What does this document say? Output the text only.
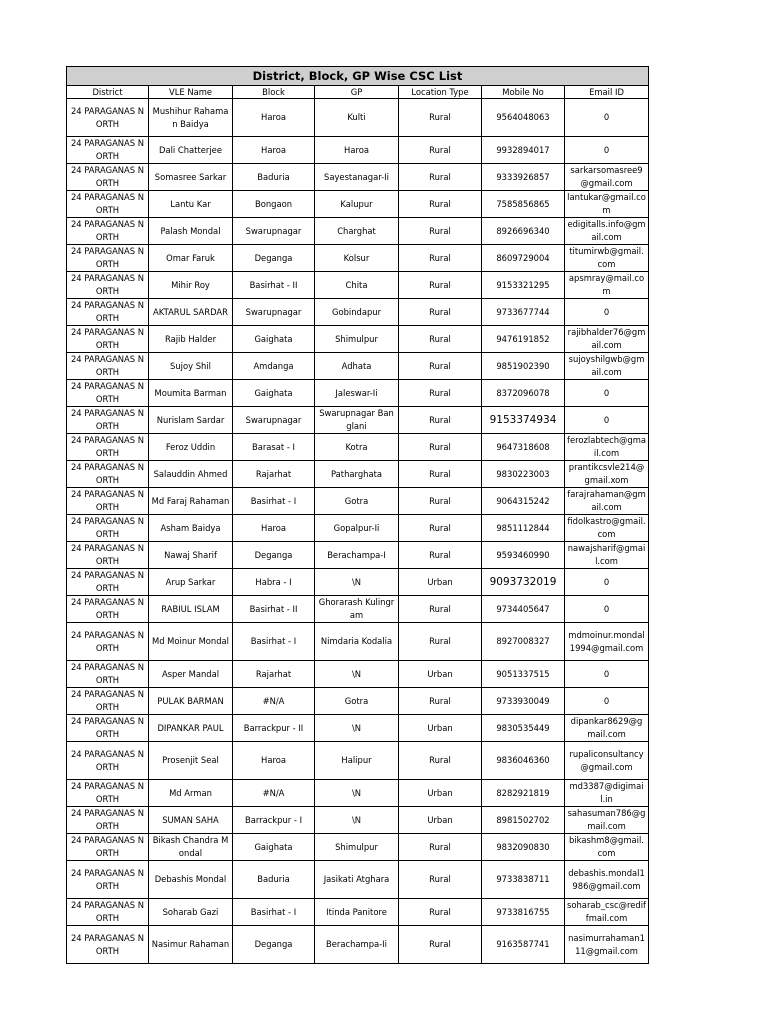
District, Block, GP Wise CSC List						
District	VLE Name	Block	GP	Location Type	Mobile No	Email ID
24 PARAGANAS NORTH	Mushihur Rahaman Baidya	Haroa	Kulti	Rural	9564048063	0
24 PARAGANAS NORTH	Dali Chatterjee	Haroa	Haroa	Rural	9932894017	0
24 PARAGANAS NORTH	Somasree Sarkar	Baduria	Sayestanagar-Ii	Rural	9333926857	sarkarsomasree9@gmail.com
24 PARAGANAS NORTH	Lantu Kar	Bongaon	Kalupur	Rural	7585856865	lantukar@gmail.com
24 PARAGANAS NORTH	Palash Mondal	Swarupnagar	Charghat	Rural	8926696340	edigitalls.info@gmail.com
24 PARAGANAS NORTH	Omar Faruk	Deganga	Kolsur	Rural	8609729004	titumirwb@gmail.com
24 PARAGANAS NORTH	Mihir Roy	Basirhat - II	Chita	Rural	9153321295	apsmray@mail.com
24 PARAGANAS NORTH	AKTARUL SARDAR	Swarupnagar	Gobindapur	Rural	9733677744	0
24 PARAGANAS NORTH	Rajib Halder	Gaighata	Shimulpur	Rural	9476191852	rajibhalder76@gmail.com
24 PARAGANAS NORTH	Sujoy Shil	Amdanga	Adhata	Rural	9851902390	sujoyshilgwb@gmail.com
24 PARAGANAS NORTH	Moumita Barman	Gaighata	Jaleswar-Ii	Rural	8372096078	0
24 PARAGANAS NORTH	Nurislam Sardar	Swarupnagar	Swarupnagar Banglani	Rural	9153374934	0
24 PARAGANAS NORTH	Feroz Uddin	Barasat - I	Kotra	Rural	9647318608	ferozlabtech@gmail.com
24 PARAGANAS NORTH	Salauddin Ahmed	Rajarhat	Patharghata	Rural	9830223003	prantikcsvle214@gmail.xom
24 PARAGANAS NORTH	Md Faraj Rahaman	Basirhat - I	Gotra	Rural	9064315242	farajrahaman@gmail.com
24 PARAGANAS NORTH	Asham Baidya	Haroa	Gopalpur-Ii	Rural	9851112844	fidolkastro@gmail.com
24 PARAGANAS NORTH	Nawaj Sharif	Deganga	Berachampa-I	Rural	9593460990	nawajsharif@gmail.com
24 PARAGANAS NORTH	Arup Sarkar	Habra - I	\N	Urban	9093732019	0
24 PARAGANAS NORTH	RABIUL ISLAM	Basirhat - II	Ghorarash Kulingram	Rural	9734405647	0
24 PARAGANAS NORTH	Md Moinur Mondal	Basirhat - I	Nimdaria Kodalia	Rural	8927008327	mdmoinur.mondal1994@gmail.com
24 PARAGANAS NORTH	Asper Mandal	Rajarhat	\N	Urban	9051337515	0
24 PARAGANAS NORTH	PULAK BARMAN	#N/A	Gotra	Rural	9733930049	0
24 PARAGANAS NORTH	DIPANKAR PAUL	Barrackpur - II	\N	Urban	9830535449	dipankar8629@gmail.com
24 PARAGANAS NORTH	Prosenjit Seal	Haroa	Halipur	Rural	9836046360	rupaliconsultancy@gmail.com
24 PARAGANAS NORTH	Md Arman	#N/A	\N	Urban	8282921819	md3387@digimail.in
24 PARAGANAS NORTH	SUMAN SAHA	Barrackpur - I	\N	Urban	8981502702	sahasuman786@gmail.com
24 PARAGANAS NORTH	Bikash Chandra Mondal	Gaighata	Shimulpur	Rural	9832090830	bikashm8@gmail.com
24 PARAGANAS NORTH	Debashis Mondal	Baduria	Jasikati Atghara	Rural	9733838711	debashis.mondal1986@gmail.com
24 PARAGANAS NORTH	Soharab Gazi	Basirhat - I	Itinda Panitore	Rural	9733816755	soharab_csc@rediffmail.com
24 PARAGANAS NORTH	Nasimur Rahaman	Deganga	Berachampa-Ii	Rural	9163587741	nasimurrahaman111@gmail.com
